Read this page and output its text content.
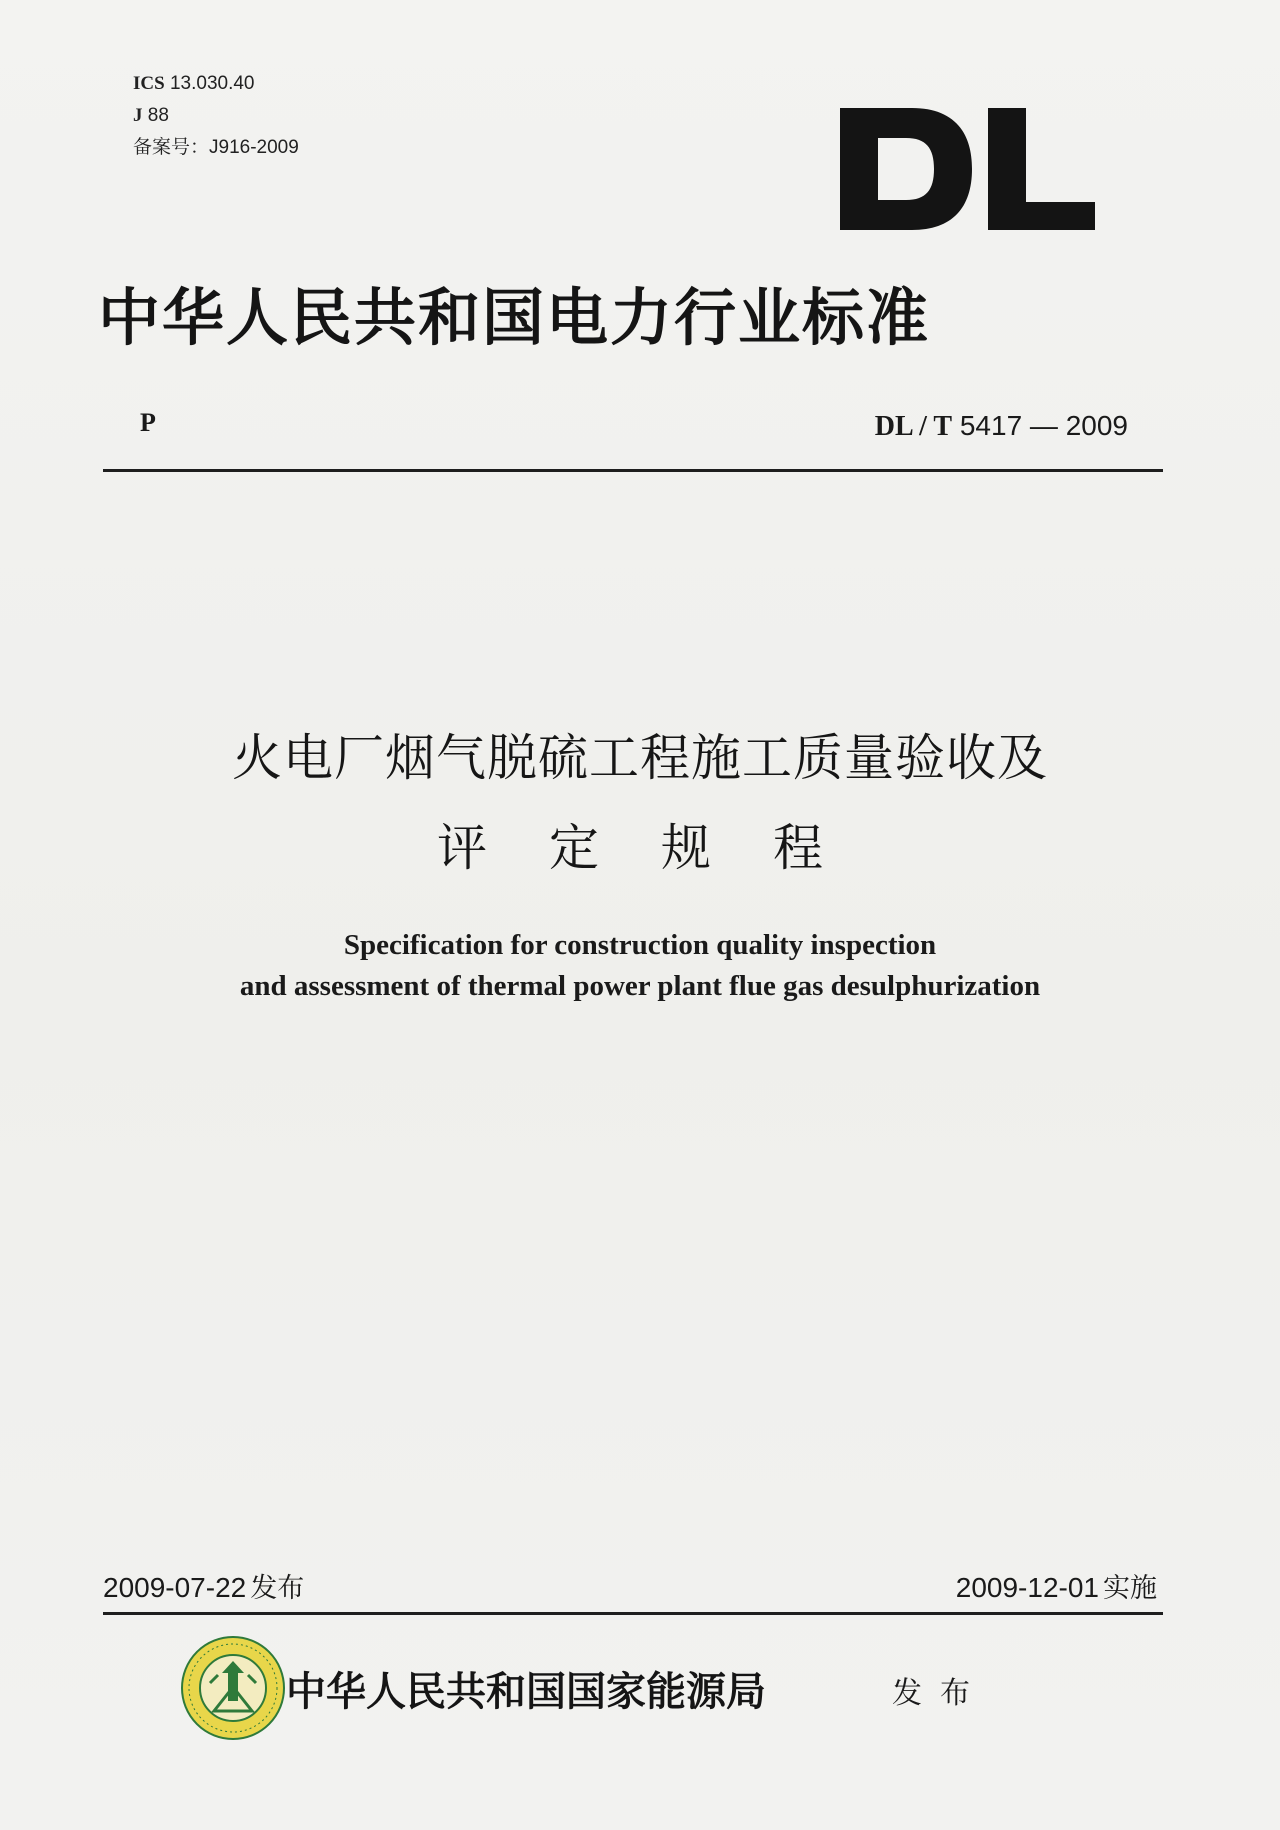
ICS 13.030.40
J 88
备案号：J916-2009
中华人民共和国电力行业标准
P	DL / T 5417 — 2009
火电厂烟气脱硫工程施工质量验收及
评定规程
Specification for construction quality inspection
and assessment of thermal power plant flue gas desulphurization
2009-07-22 发布	2009-12-01 实施
中华人民共和国国家能源局	发布
